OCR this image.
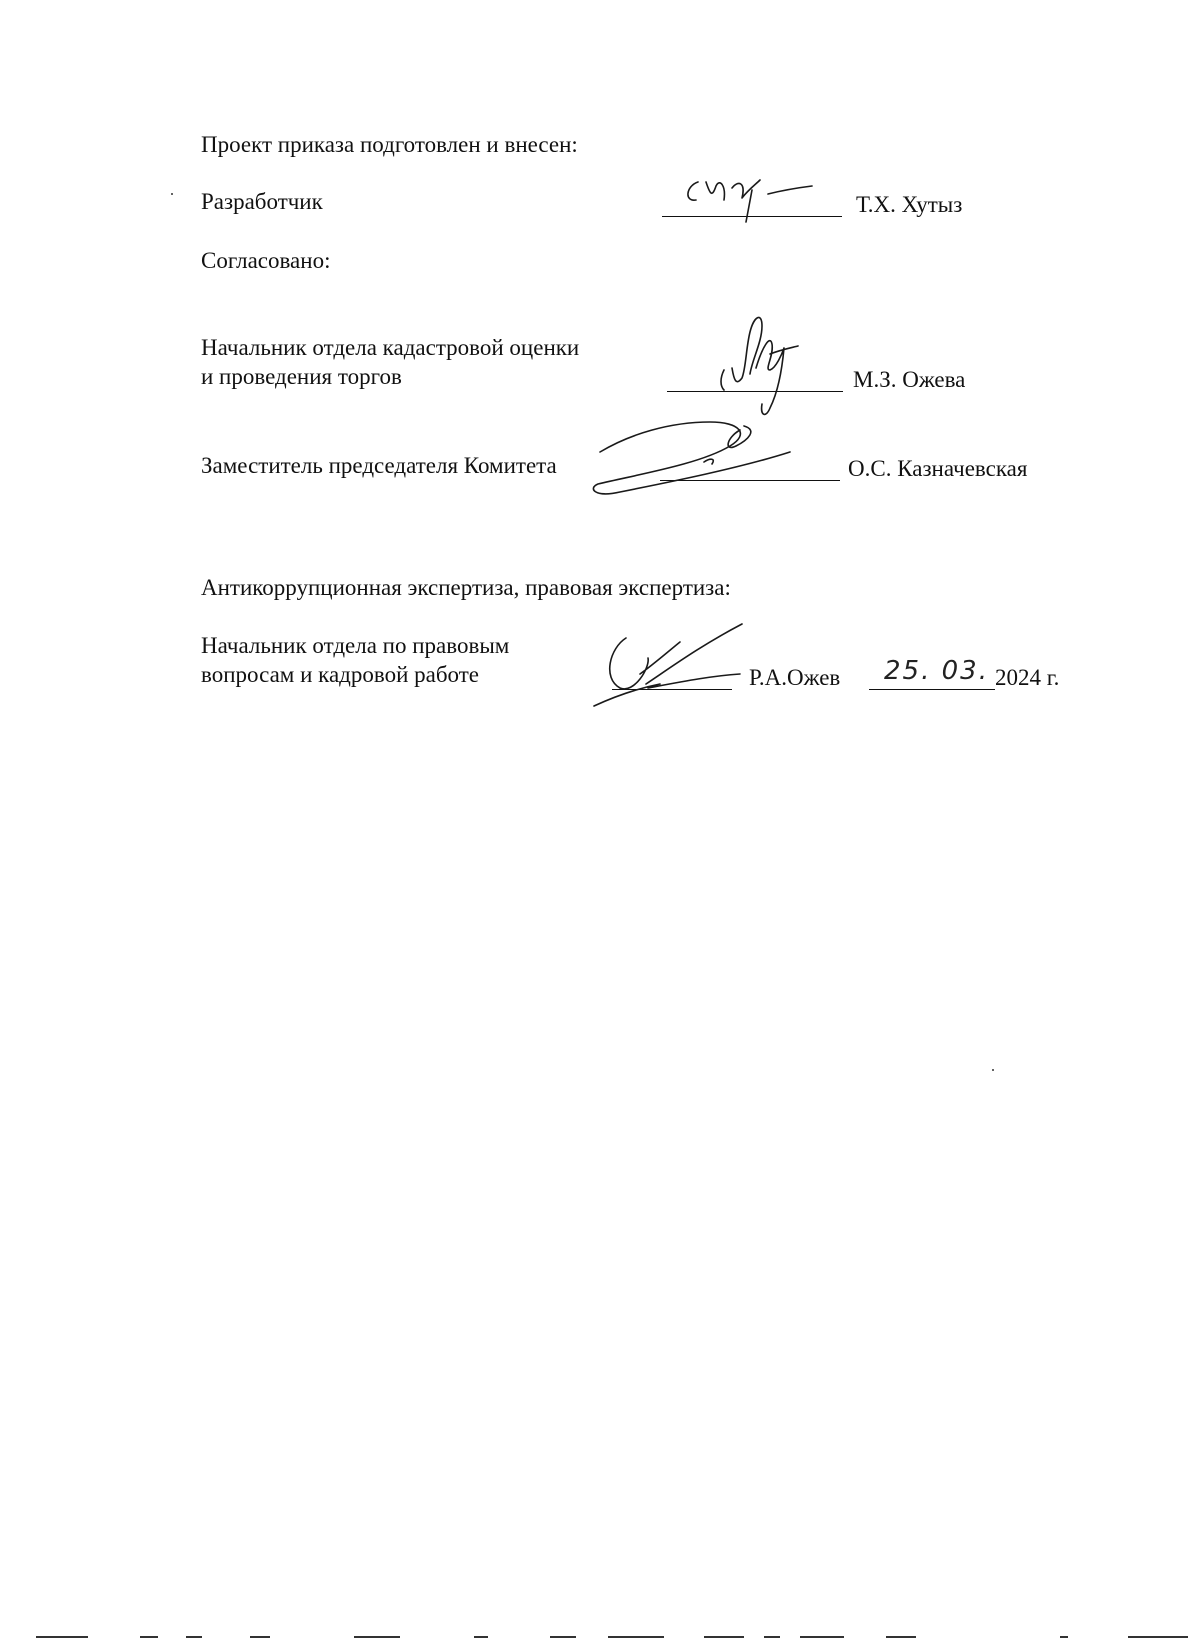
Проект приказа подготовлен и внесен:
Разработчик	Т.Х. Хутыз
Согласовано:
Начальник отдела кадастровой оценки
и проведения торгов	М.З. Ожева
Заместитель председателя Комитета	О.С. Казначевская
Антикоррупционная экспертиза, правовая экспертиза:
Начальник отдела по правовым
вопросам и кадровой работе	Р.А.Ожев 25. 03. 2024 г.
